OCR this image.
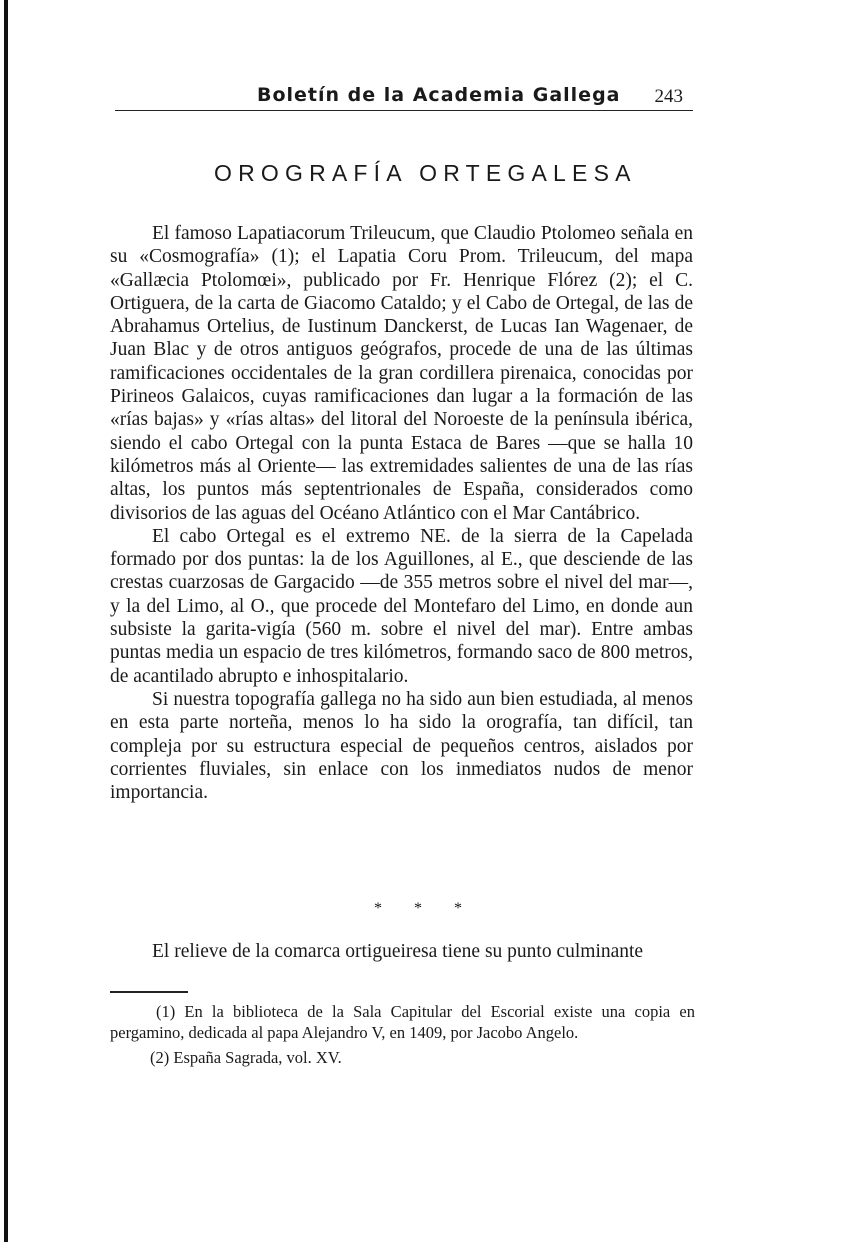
Boletín de la Academia Gallega 243
OROGRAFÍA ORTEGALESA

El famoso Lapatiacorum Trileucum, que Claudio Ptolomeo señala en su «Cosmografía» (1); el Lapatia Coru Prom. Trileucum, del mapa «Gallæcia Ptolomœi», publicado por Fr. Henrique Flórez (2); el C. Ortiguera, de la carta de Giacomo Cataldo; y el Cabo de Ortegal, de las de Abrahamus Ortelius, de Iustinum Danckerst, de Lucas Ian Wagenaer, de Juan Blac y de otros antiguos geógrafos, procede de una de las últimas ramificaciones occidentales de la gran cordillera pirenaica, conocidas por Pirineos Galaicos, cuyas ramificaciones dan lugar a la formación de las «rías bajas» y «rías altas» del litoral del Noroeste de la península ibérica, siendo el cabo Ortegal con la punta Estaca de Bares —que se halla 10 kilómetros más al Oriente— las extremidades salientes de una de las rías altas, los puntos más septentrionales de España, considerados como divisorios de las aguas del Océano Atlántico con el Mar Cantábrico.

El cabo Ortegal es el extremo NE. de la sierra de la Capelada formado por dos puntas: la de los Aguillones, al E., que desciende de las crestas cuarzosas de Gargacido —de 355 metros sobre el nivel del mar—, y la del Limo, al O., que procede del Montefaro del Limo, en donde aun subsiste la garita-vigía (560 m. sobre el nivel del mar). Entre ambas puntas media un espacio de tres kilómetros, formando saco de 800 metros, de acantilado abrupto e inhospitalario.

Si nuestra topografía gallega no ha sido aun bien estudiada, al menos en esta parte norteña, menos lo ha sido la orografía, tan difícil, tan compleja por su estructura especial de pequeños centros, aislados por corrientes fluviales, sin enlace con los inmediatos nudos de menor importancia.

* * *
El relieve de la comarca ortigueiresa tiene su punto culminante

(1) En la biblioteca de la Sala Capitular del Escorial existe una copia en pergamino, dedicada al papa Alejandro V, en 1409, por Jacobo Angelo.

(2) España Sagrada, vol. XV.
